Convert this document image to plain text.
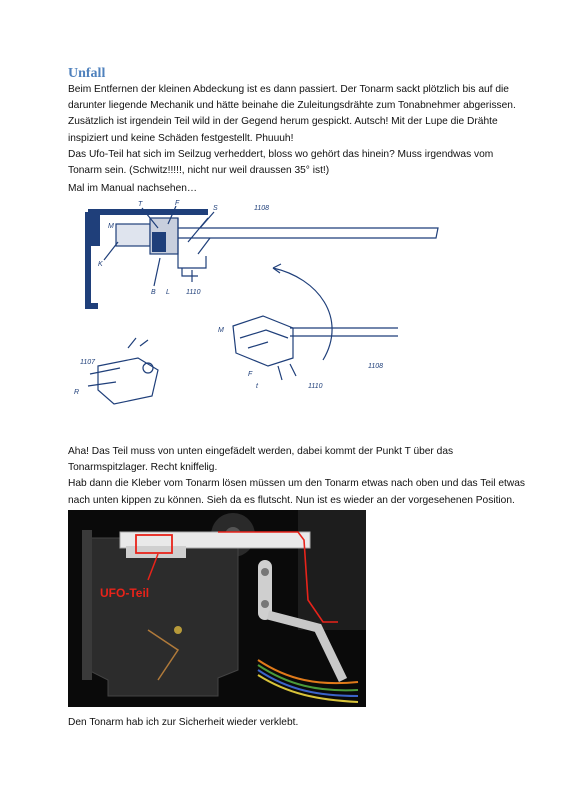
Unfall

Beim Entfernen der kleinen Abdeckung ist es dann passiert. Der Tonarm sackt plötzlich bis auf die
darunter liegende Mechanik und hätte beinahe die Zuleitungsdrähte zum Tonabnehmer abgerissen.
Zusätzlich ist irgendein Teil wild in der Gegend herum gespickt. Autsch! Mit der Lupe die Drähte
inspiziert und keine Schäden festgestellt. Phuuuh!
Das Ufo-Teil hat sich im Seilzug verheddert, bloss wo gehört das hinein? Muss irgendwas vom
Tonarm sein. (Schwitz!!!!!, nicht nur weil draussen 35° ist!)

Mal im Manual nachsehen…

T	F
S
M
K
B L
1108
1110
1107
R
M
1108
F
t	1110

Aha! Das Teil muss von unten eingefädelt werden, dabei kommt der Punkt T über das
Tonarmspitzlager. Recht kniffelig.
Hab dann die Kleber vom Tonarm lösen müssen um den Tonarm etwas nach oben und das Teil etwas
nach unten kippen zu können. Sieh da es flutscht. Nun ist es wieder an der vorgesehenen Position.

UFO-Teil

Den Tonarm hab ich zur Sicherheit wieder verklebt.
